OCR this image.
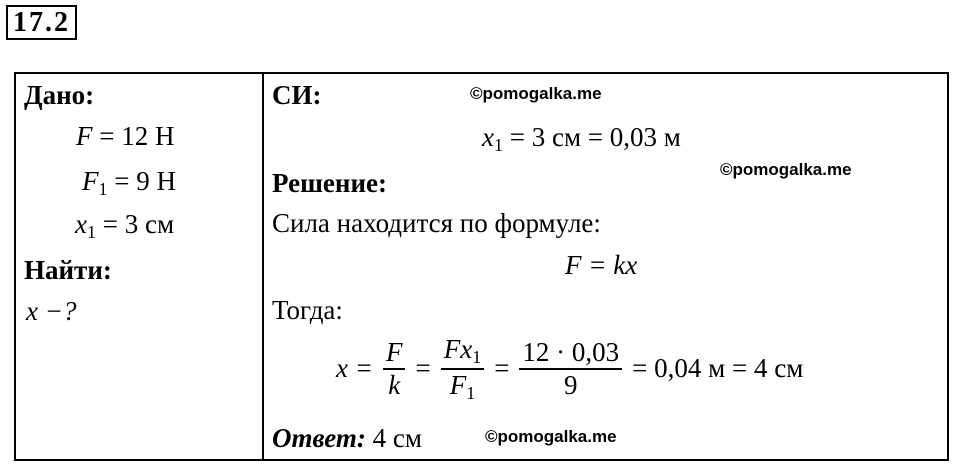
17.2
Дано:
F = 12 Н
$F_1 = 9$ Н
$x_1 = 3$ см
Найти:
x −?
СИ:	©pomogalka.me
$x_1 = 3$ см = 0,03 м
©pomogalka.me
Решение:
Сила находится по формуле:
F = kx
Тогда:
$x = \frac{F}{k} = \frac{Fx_1}{F_1} = \frac{12 \cdot 0,03}{9} = 0,04$ м = 4 см
Ответ: 4 см	©pomogalka.me
